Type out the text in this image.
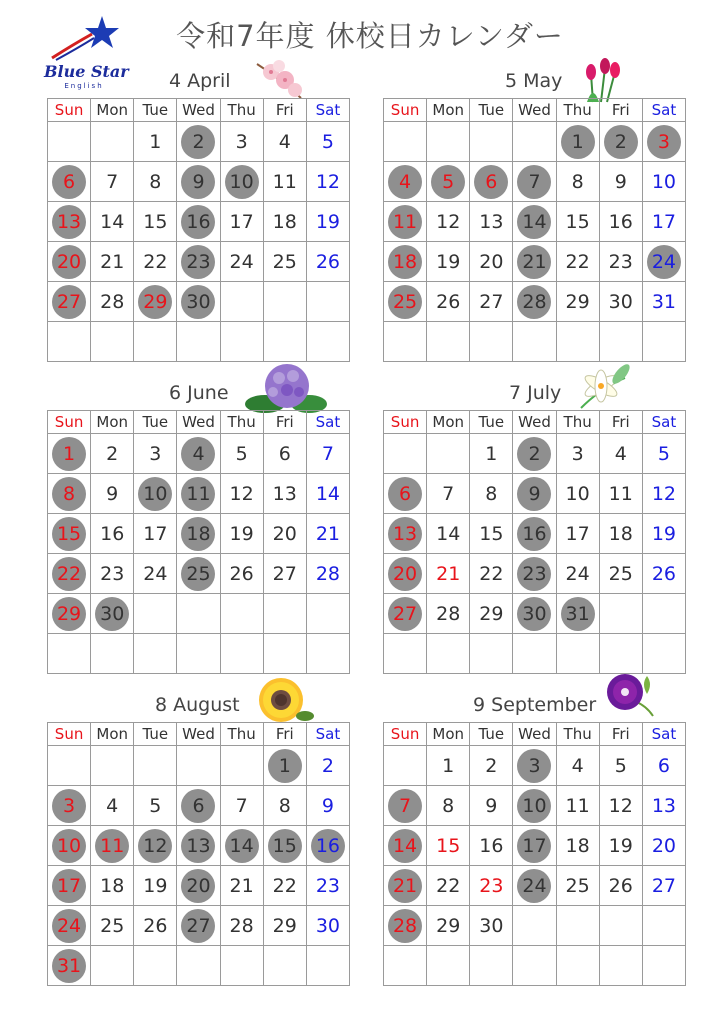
令和7年度 休校日カレンダー
Blue Star
English	4 April
Sun	Mon	Tue	Wed	Thu	Fri	Sat
		1	2	3	4	5
6	7	8	9	10	11	12
13	14	15	16	17	18	19
20	21	22	23	24	25	26
27	28	29	30			

5 May
Sun	Mon	Tue	Wed	Thu	Fri	Sat
				1	2	3
4	5	6	7	8	9	10
11	12	13	14	15	16	17
18	19	20	21	22	23	24
25	26	27	28	29	30	31

6 June
Sun	Mon	Tue	Wed	Thu	Fri	Sat
1	2	3	4	5	6	7
8	9	10	11	12	13	14
15	16	17	18	19	20	21
22	23	24	25	26	27	28
29	30					

7 July
Sun	Mon	Tue	Wed	Thu	Fri	Sat
		1	2	3	4	5
6	7	8	9	10	11	12
13	14	15	16	17	18	19
20	21	22	23	24	25	26
27	28	29	30	31		

8 August
Sun	Mon	Tue	Wed	Thu	Fri	Sat
					1	2
3	4	5	6	7	8	9
10	11	12	13	14	15	16
17	18	19	20	21	22	23
24	25	26	27	28	29	30
31						
9 September
Sun	Mon	Tue	Wed	Thu	Fri	Sat
	1	2	3	4	5	6
7	8	9	10	11	12	13
14	15	16	17	18	19	20
21	22	23	24	25	26	27
28	29	30				
